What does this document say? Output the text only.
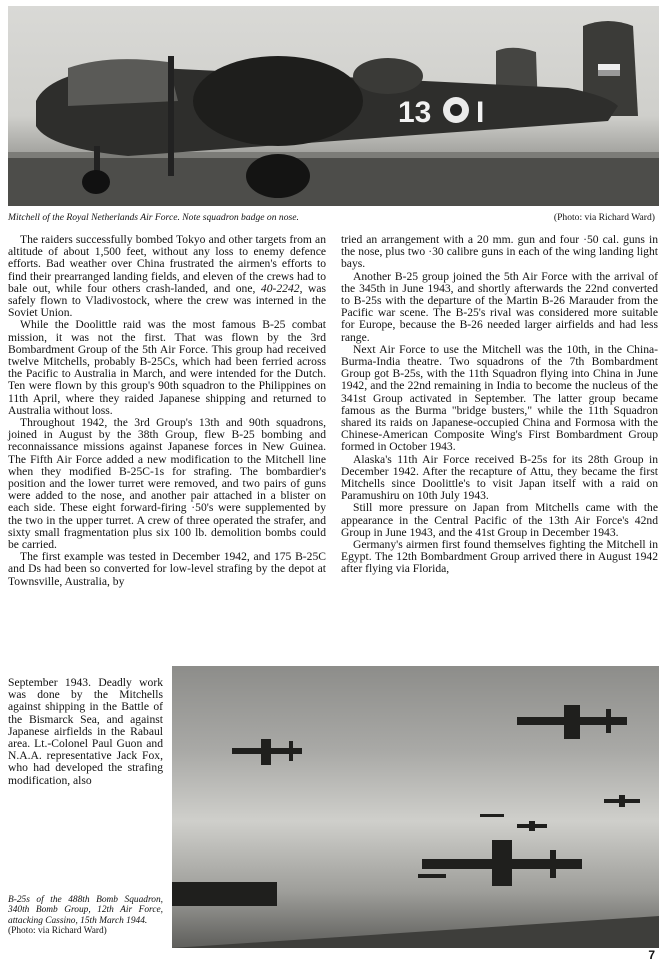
13 I
Mitchell of the Royal Netherlands Air Force. Note squadron badge on nose.	(Photo: via Richard Ward)

The raiders successfully bombed Tokyo and other targets from an altitude of about 1,500 feet, without any loss to enemy defence efforts. Bad weather over China frustrated the airmen's efforts to find their prearranged landing fields, and eleven of the crews had to bale out, while four others crash-landed, and one, 40-2242, was safely flown to Vladivostock, where the crew was interned in the Soviet Union.

While the Doolittle raid was the most famous B-25 combat mission, it was not the first. That was flown by the 3rd Bombardment Group of the 5th Air Force. This group had received twelve Mitchells, probably B-25Cs, which had been ferried across the Pacific to Australia in March, and were intended for the Dutch. Ten were flown by this group's 90th squadron to the Philippines on 11th April, where they raided Japanese shipping and returned to Australia without loss.

Throughout 1942, the 3rd Group's 13th and 90th squadrons, joined in August by the 38th Group, flew B-25 bombing and reconnaissance missions against Japanese forces in New Guinea. The Fifth Air Force added a new modification to the Mitchell line when they modified B-25C-1s for strafing. The bombardier's position and the lower turret were removed, and two pairs of guns were added to the nose, and another pair attached in a blister on each side. These eight forward-firing ·50's were supplemented by the two in the upper turret. A crew of three operated the strafer, and sixty small fragmentation plus six 100 lb. demolition bombs could be carried.

The first example was tested in December 1942, and 175 B-25C and Ds had been so converted for low-level strafing by the depot at Townsville, Australia, by

September 1943. Deadly work was done by the Mitchells against shipping in the Battle of the Bismarck Sea, and against Japanese airfields in the Rabaul area. Lt.-Colonel Paul Guon and N.A.A. representative Jack Fox, who had developed the strafing modification, also

tried an arrangement with a 20 mm. gun and four ·50 cal. guns in the nose, plus two ·30 calibre guns in each of the wing landing light bays.

Another B-25 group joined the 5th Air Force with the arrival of the 345th in June 1943, and shortly afterwards the 22nd converted to B-25s with the departure of the Martin B-26 Marauder from the Pacific war scene. The B-25's rival was considered more suitable for Europe, because the B-26 needed larger airfields and had less range.

Next Air Force to use the Mitchell was the 10th, in the China-Burma-India theatre. Two squadrons of the 7th Bombardment Group got B-25s, with the 11th Squadron flying into China in June 1942, and the 22nd remaining in India to become the nucleus of the 341st Group activated in September. The latter group became famous as the Burma "bridge busters," while the 11th Squadron shared its raids on Japanese-occupied China and Formosa with the Chinese-American Composite Wing's First Bombardment Group formed in October 1943.

Alaska's 11th Air Force received B-25s for its 28th Group in December 1942. After the recapture of Attu, they became the first Mitchells since Doolittle's to visit Japan itself with a raid on Paramushiru on 10th July 1943.

Still more pressure on Japan from Mitchells came with the appearance in the Central Pacific of the 13th Air Force's 42nd Group in June 1943, and the 41st Group in December 1943.

Germany's airmen first found themselves fighting the Mitchell in Egypt. The 12th Bombardment Group arrived there in August 1942 after flying via Florida,

B-25s of the 488th Bomb Squadron, 340th Bomb Group, 12th Air Force, attacking Cassino, 15th March 1944.
(Photo: via Richard Ward)
7
